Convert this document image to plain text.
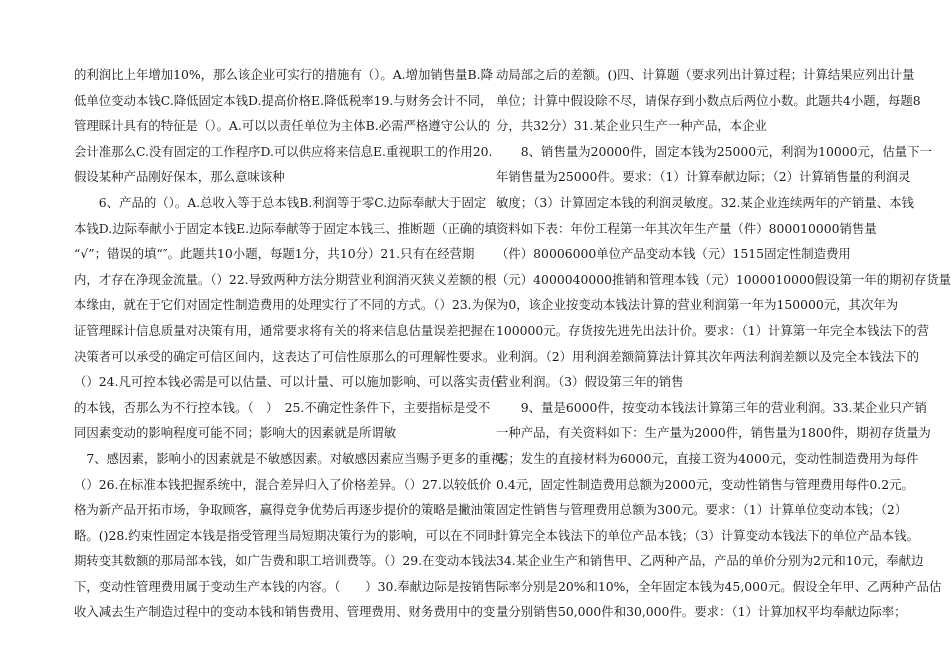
的利润比上年增加10%，那么该企业可实行的措施有（）。A.增加销售量B.降
低单位变动本钱C.降低固定本钱D.提高价格E.降低税率19.与财务会计不同，
管理睬计具有的特征是（）。A.可以以责任单位为主体B.必需严格遵守公认的
会计准那么C.没有固定的工作程序D.可以供应将来信息E.重视职工的作用20.
假设某种产品刚好保本，那么意味该种
　　6、产品的（）。A.总收入等于总本钱B.利润等于零C.边际奉献大于固定
本钱D.边际奉献小于固定本钱E.边际奉献等于固定本钱三、推断题（正确的填
“√”；错误的填“″。此题共10小题，每题1分，共10分）21.只有在经营期
内，才存在净现金流量。（）22.导致两种方法分期营业利润消灭狭义差额的根
本缘由，就在于它们对固定性制造费用的处理实行了不同的方式。（）23.为保
证管理睬计信息质量对决策有用，通常要求将有关的将来信息估量误差把握在
决策者可以承受的确定可信区间内，这表达了可信性原那么的可理解性要求。
（）24.凡可控本钱必需是可以估量、可以计量、可以施加影响、可以落实责任
的本钱，否那么为不行控本钱。（　）　25.不确定性条件下，主要指标是受不
同因素变动的影响程度可能不同；影响大的因素就是所谓敏
　7、感因素，影响小的因素就是不敏感因素。对敏感因素应当赐予更多的重视。
（）26.在标准本钱把握系统中，混合差异归入了价格差异。（）27.以较低价
格为新产品开拓市场，争取顾客，赢得竞争优势后再逐步提价的策略是撇油策
略。()28.约束性固定本钱是指受管理当局短期决策行为的影响，可以在不同时
期转变其数额的那局部本钱，如广告费和职工培训费等。（）29.在变动本钱法
下，变动性管理费用属于变动生产本钱的内容。（　　）30.奉献边际是按销售
收入减去生产制造过程中的变动本钱和销售费用、管理费用、财务费用中的变
动局部之后的差额。()四、计算题（要求列出计算过程；计算结果应列出计量
单位；计算中假设除不尽，请保存到小数点后两位小数。此题共4小题，每题8
分，共32分）31.某企业只生产一种产品，本企业
　　8、销售量为20000件，固定本钱为25000元，利润为10000元，估量下一
年销售量为25000件。要求：（1）计算奉献边际；（2）计算销售量的利润灵
敏度；（3）计算固定本钱的利润灵敏度。32.某企业连续两年的产销量、本钱
资料如下表：年份工程第一年其次年生产量（件）800010000销售量
（件）80006000单位产品变动本钱（元）1515固定性制造费用
（元）4000040000推销和管理本钱（元）1000010000假设第一年的期初存货量
为0，该企业按变动本钱法计算的营业利润第一年为150000元，其次年为
100000元。存货按先进先出法计价。要求：（1）计算第一年完全本钱法下的营
业利润。（2）用利润差额简算法计算其次年两法利润差额以及完全本钱法下的
营业利润。（3）假设第三年的销售
　　9、量是6000件，按变动本钱法计算第三年的营业利润。33.某企业只产销
一种产品，有关资料如下：生产量为2000件，销售量为1800件，期初存货量为
零；发生的直接材料为6000元，直接工资为4000元，变动性制造费用为每件
0.4元，固定性制造费用总额为2000元，变动性销售与管理费用每件0.2元。
固定性销售与管理费用总额为300元。要求：（1）计算单位变动本钱；（2）
计算完全本钱法下的单位产品本钱；（3）计算变动本钱法下的单位产品本钱。
34.某企业生产和销售甲、乙两种产品，产品的单价分别为2元和10元，奉献边
际率分别是20%和10%，全年固定本钱为45,000元。假设全年甲、乙两种产品估
量分别销售50,000件和30,000件。要求：（1）计算加权平均奉献边际率；
